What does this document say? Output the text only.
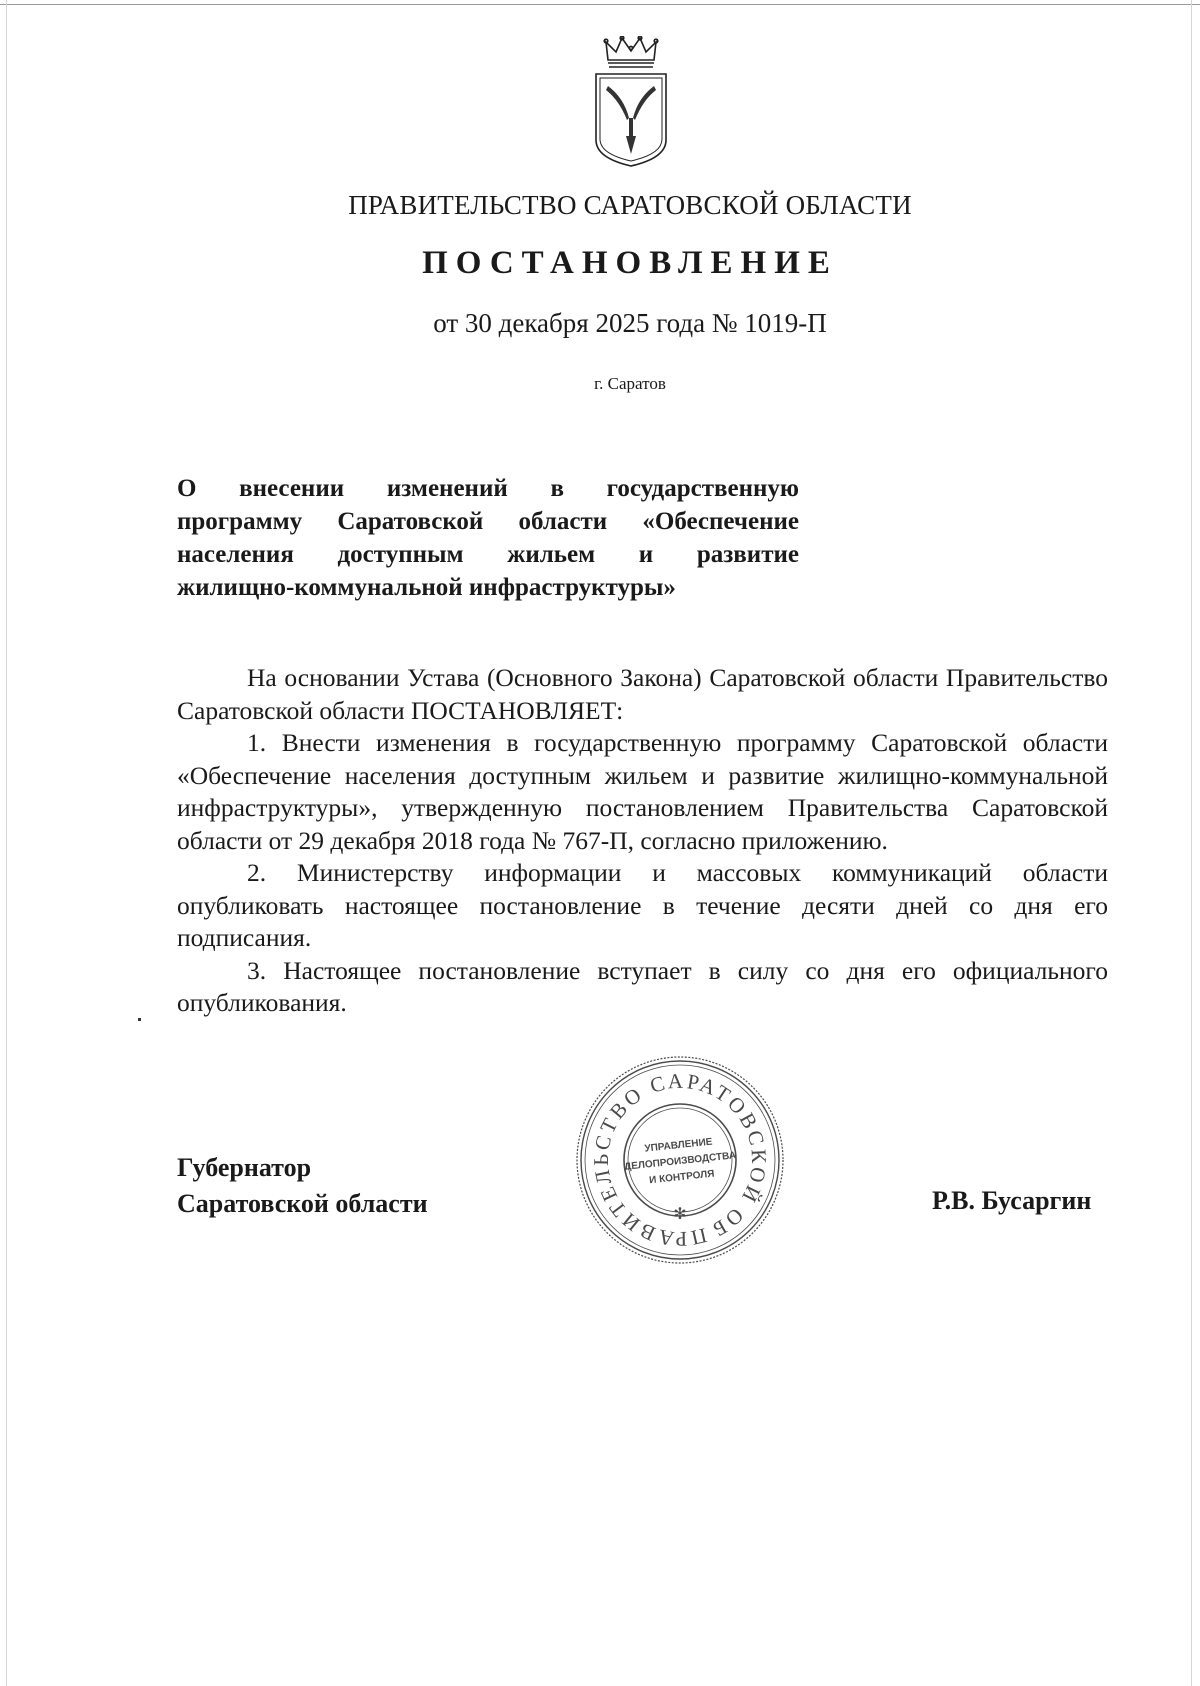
ПРАВИТЕЛЬСТВО САРАТОВСКОЙ ОБЛАСТИ
ПОСТАНОВЛЕНИЕ
от 30 декабря 2025 года № 1019-П
г. Саратов
О внесении изменений в государственную
программу Саратовской области «Обеспечение
населения доступным жильем и развитие
жилищно-коммунальной инфраструктуры»

На основании Устава (Основного Закона) Саратовской области Правительство Саратовской области ПОСТАНОВЛЯЕТ:

1. Внести изменения в государственную программу Саратовской области «Обеспечение населения доступным жильем и развитие жилищно-коммунальной инфраструктуры», утвержденную постановлением Правительства Саратовской области от 29 декабря 2018 года № 767-П, согласно приложению.

2. Министерству информации и массовых коммуникаций области опубликовать настоящее постановление в течение десяти дней со дня его подписания.

3. Настоящее постановление вступает в силу со дня его официального опубликования.

Губернатор
Саратовской области
ПРАВИТЕЛЬСТВО САРАТОВСКОЙ ОБЛАСТИ
✻
УПРАВЛЕНИЕ
ДЕЛОПРОИЗВОДСТВА
И КОНТРОЛЯ
Р.В. Бусаргин
